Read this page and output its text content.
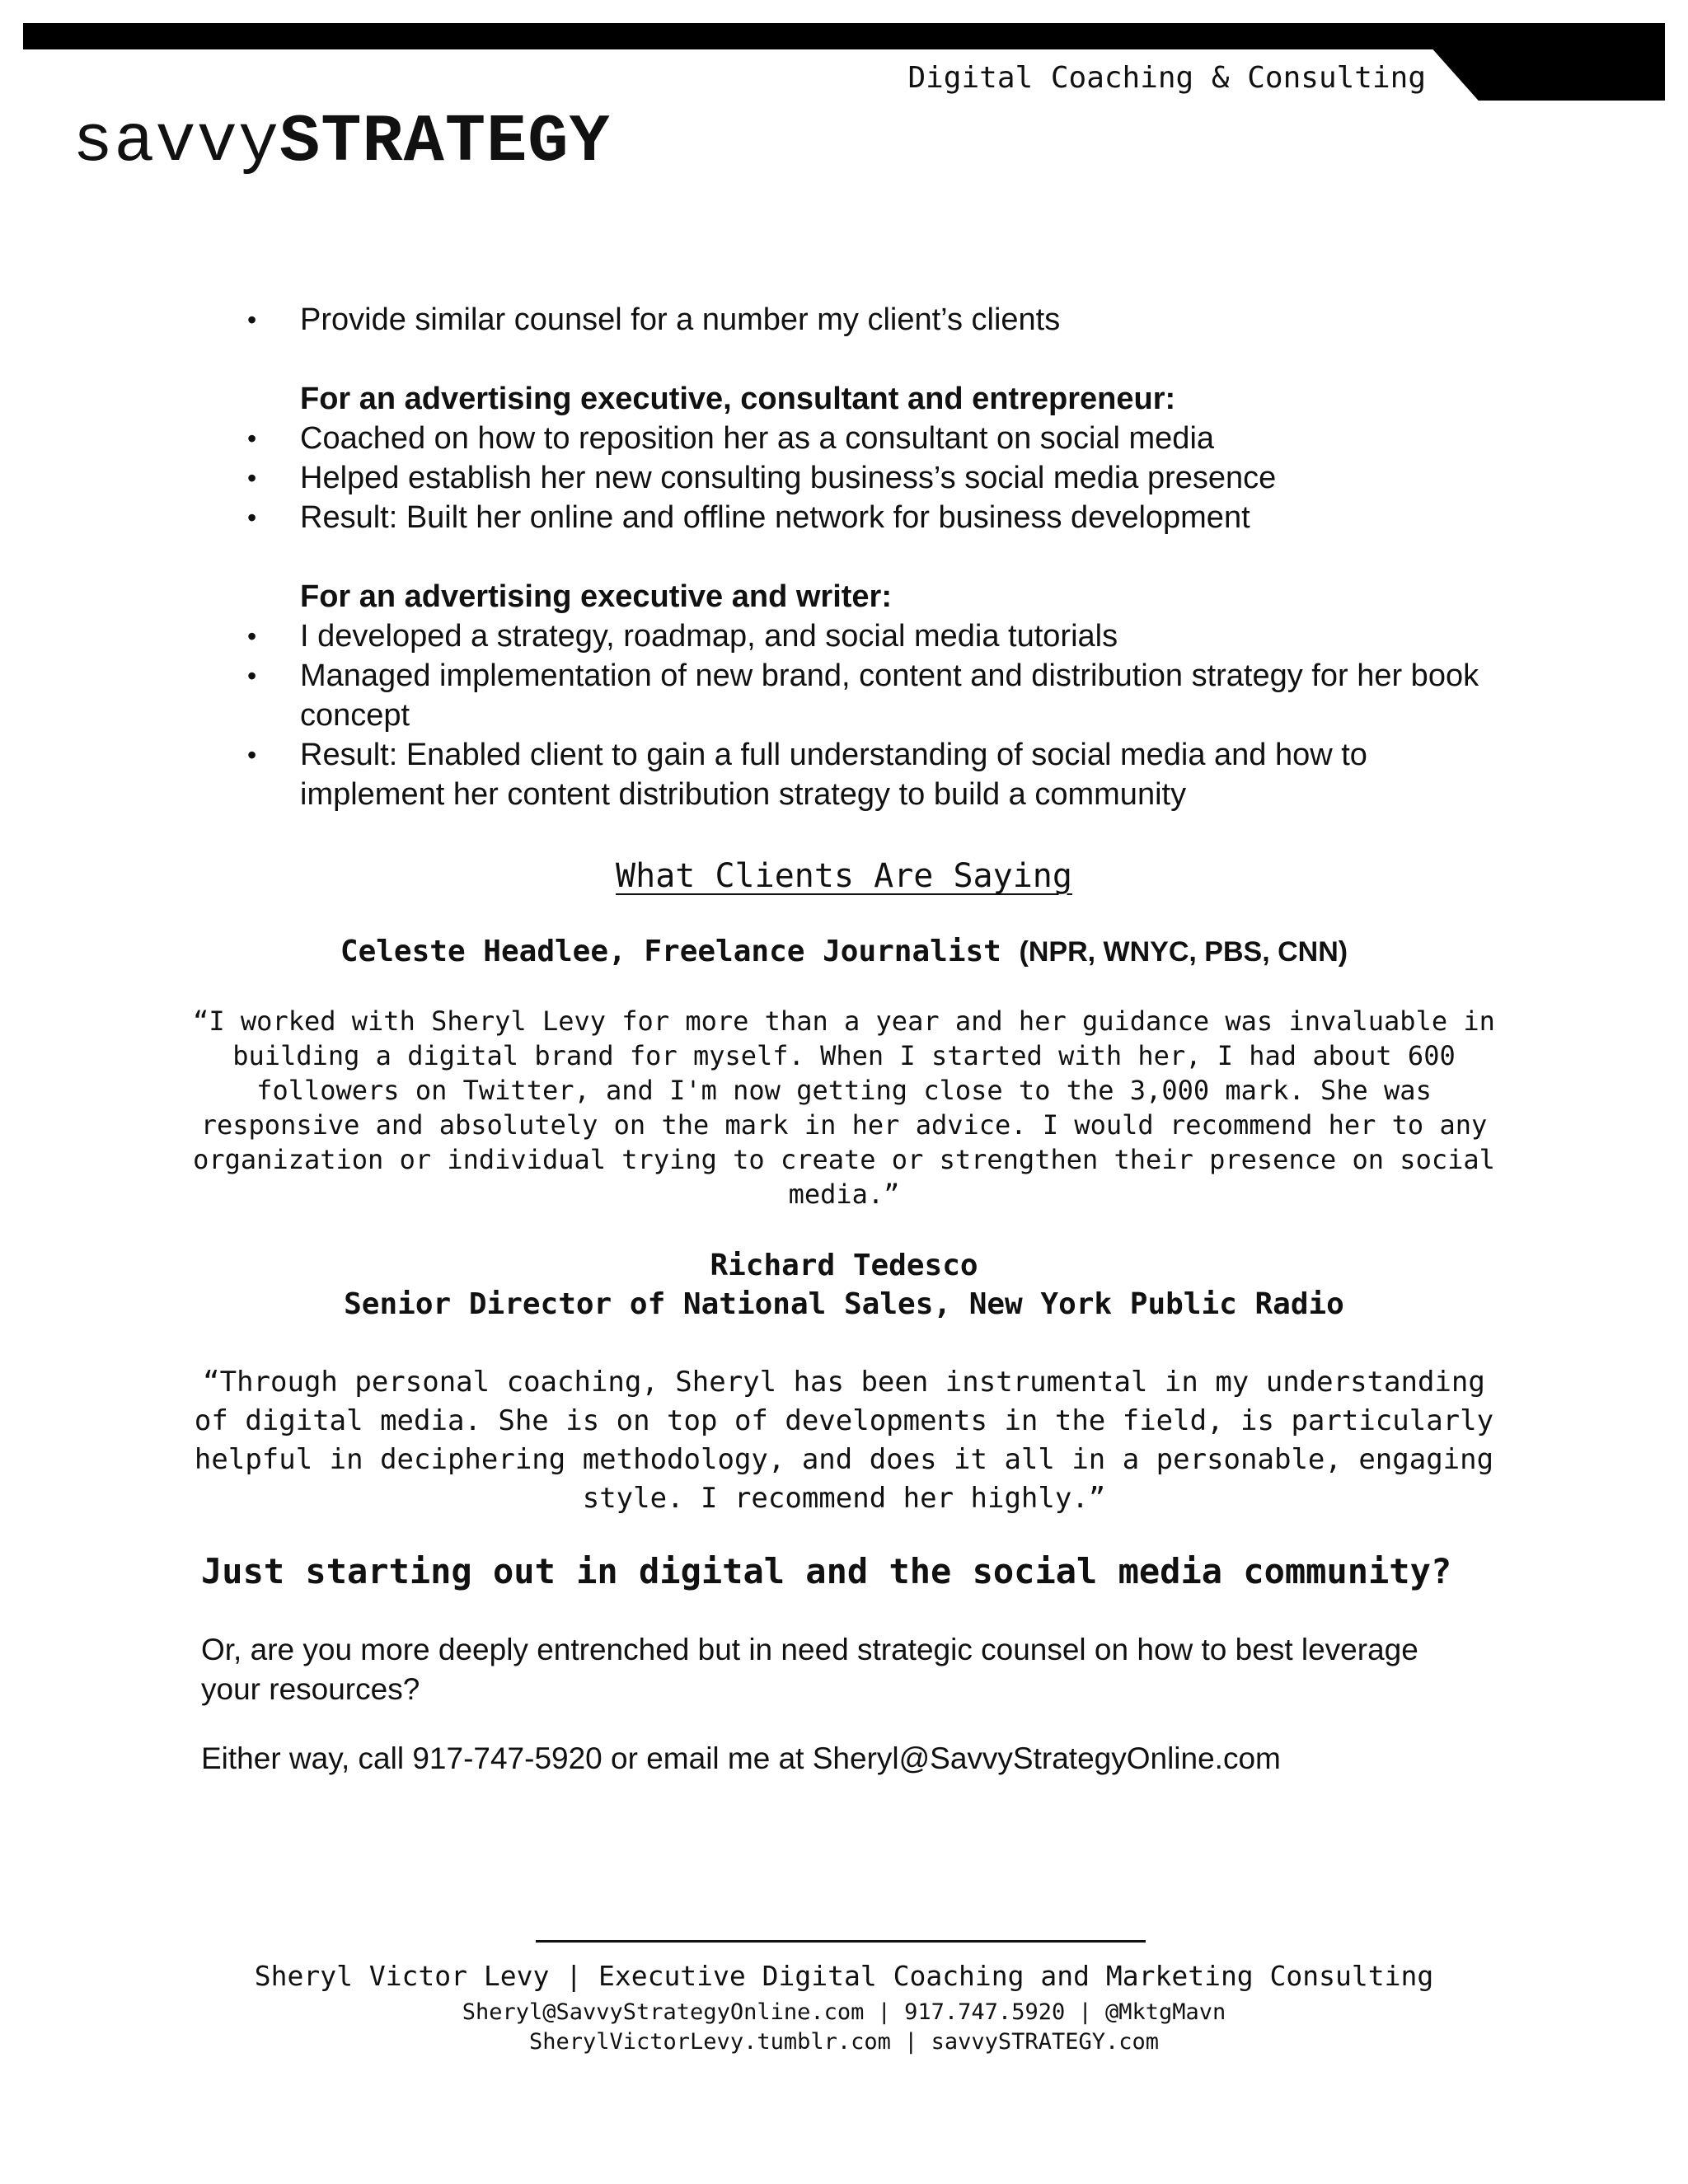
Digital Coaching & Consulting
savvySTRATEGY
• Provide similar counsel for a number my client’s clients
For an advertising executive, consultant and entrepreneur:
• Coached on how to reposition her as a consultant on social media
• Helped establish her new consulting business’s social media presence
• Result: Built her online and offline network for business development
For an advertising executive and writer:
• I developed a strategy, roadmap, and social media tutorials
• Managed implementation of new brand, content and distribution strategy for her book concept
• Result: Enabled client to gain a full understanding of social media and how to implement her content distribution strategy to build a community
What Clients Are Saying
Celeste Headlee, Freelance Journalist (NPR, WNYC, PBS, CNN)
“I worked with Sheryl Levy for more than a year and her guidance was invaluable in building a digital brand for myself. When I started with her, I had about 600 followers on Twitter, and I'm now getting close to the 3,000 mark. She was responsive and absolutely on the mark in her advice. I would recommend her to any organization or individual trying to create or strengthen their presence on social media.”
Richard Tedesco
Senior Director of National Sales, New York Public Radio
“Through personal coaching, Sheryl has been instrumental in my understanding of digital media. She is on top of developments in the field, is particularly helpful in deciphering methodology, and does it all in a personable, engaging style. I recommend her highly.”
Just starting out in digital and the social media community?
Or, are you more deeply entrenched but in need strategic counsel on how to best leverage your resources?
Either way, call 917-747-5920 or email me at Sheryl@SavvyStrategyOnline.com
Sheryl Victor Levy | Executive Digital Coaching and Marketing Consulting
Sheryl@SavvyStrategyOnline.com | 917.747.5920 | @MktgMavn
SherylVictorLevy.tumblr.com | savvySTRATEGY.com
